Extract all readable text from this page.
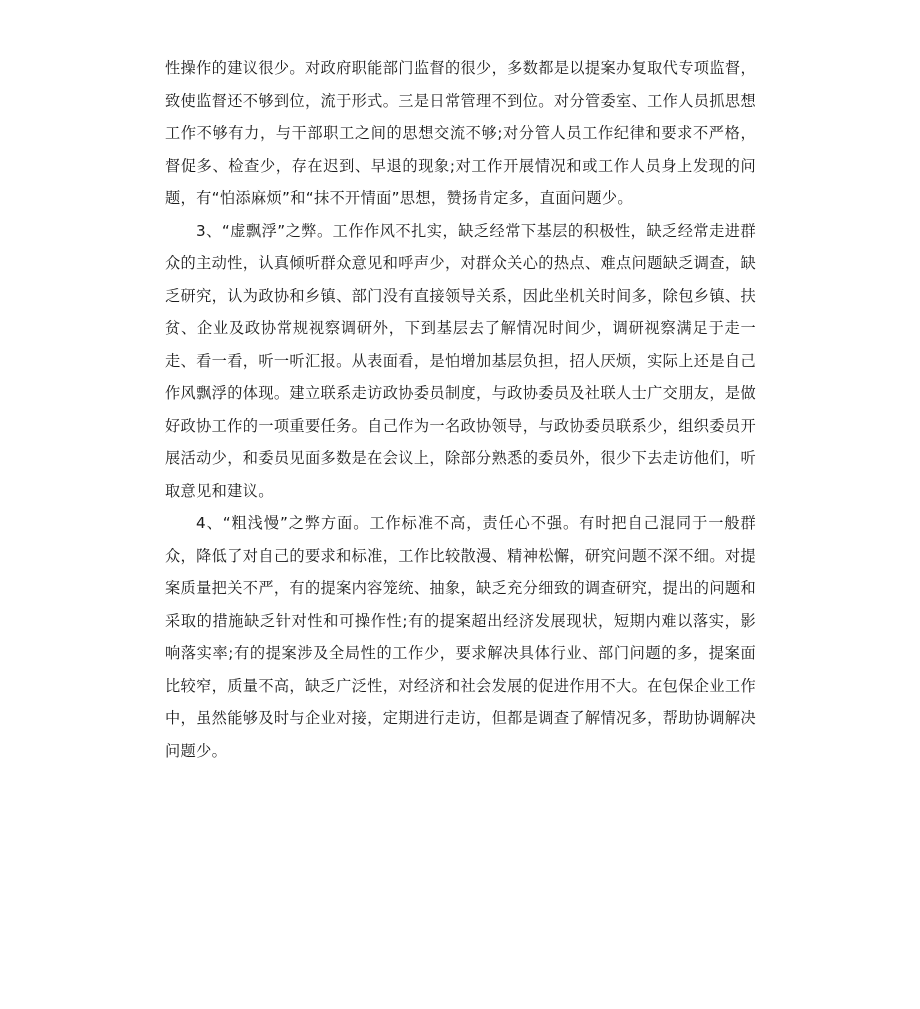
性操作的建议很少。对政府职能部门监督的很少，多数都是以提案办复取代专项监督，致使监督还不够到位，流于形式。三是日常管理不到位。对分管委室、工作人员抓思想工作不够有力，与干部职工之间的思想交流不够;对分管人员工作纪律和要求不严格，督促多、检查少，存在迟到、早退的现象;对工作开展情况和或工作人员身上发现的问题，有“怕添麻烦”和“抹不开情面”思想，赞扬肯定多，直面问题少。

3、“虚飘浮”之弊。工作作风不扎实，缺乏经常下基层的积极性，缺乏经常走进群众的主动性，认真倾听群众意见和呼声少，对群众关心的热点、难点问题缺乏调查，缺乏研究，认为政协和乡镇、部门没有直接领导关系，因此坐机关时间多，除包乡镇、扶贫、企业及政协常规视察调研外，下到基层去了解情况时间少，调研视察满足于走一走、看一看，听一听汇报。从表面看，是怕增加基层负担，招人厌烦，实际上还是自己作风飘浮的体现。建立联系走访政协委员制度，与政协委员及社联人士广交朋友，是做好政协工作的一项重要任务。自己作为一名政协领导，与政协委员联系少，组织委员开展活动少，和委员见面多数是在会议上，除部分熟悉的委员外，很少下去走访他们，听取意见和建议。

4、“粗浅慢”之弊方面。工作标准不高，责任心不强。有时把自己混同于一般群众，降低了对自己的要求和标准，工作比较散漫、精神松懈，研究问题不深不细。对提案质量把关不严，有的提案内容笼统、抽象，缺乏充分细致的调查研究，提出的问题和采取的措施缺乏针对性和可操作性;有的提案超出经济发展现状，短期内难以落实，影响落实率;有的提案涉及全局性的工作少，要求解决具体行业、部门问题的多，提案面比较窄，质量不高，缺乏广泛性，对经济和社会发展的促进作用不大。在包保企业工作中，虽然能够及时与企业对接，定期进行走访，但都是调查了解情况多，帮助协调解决问题少。
